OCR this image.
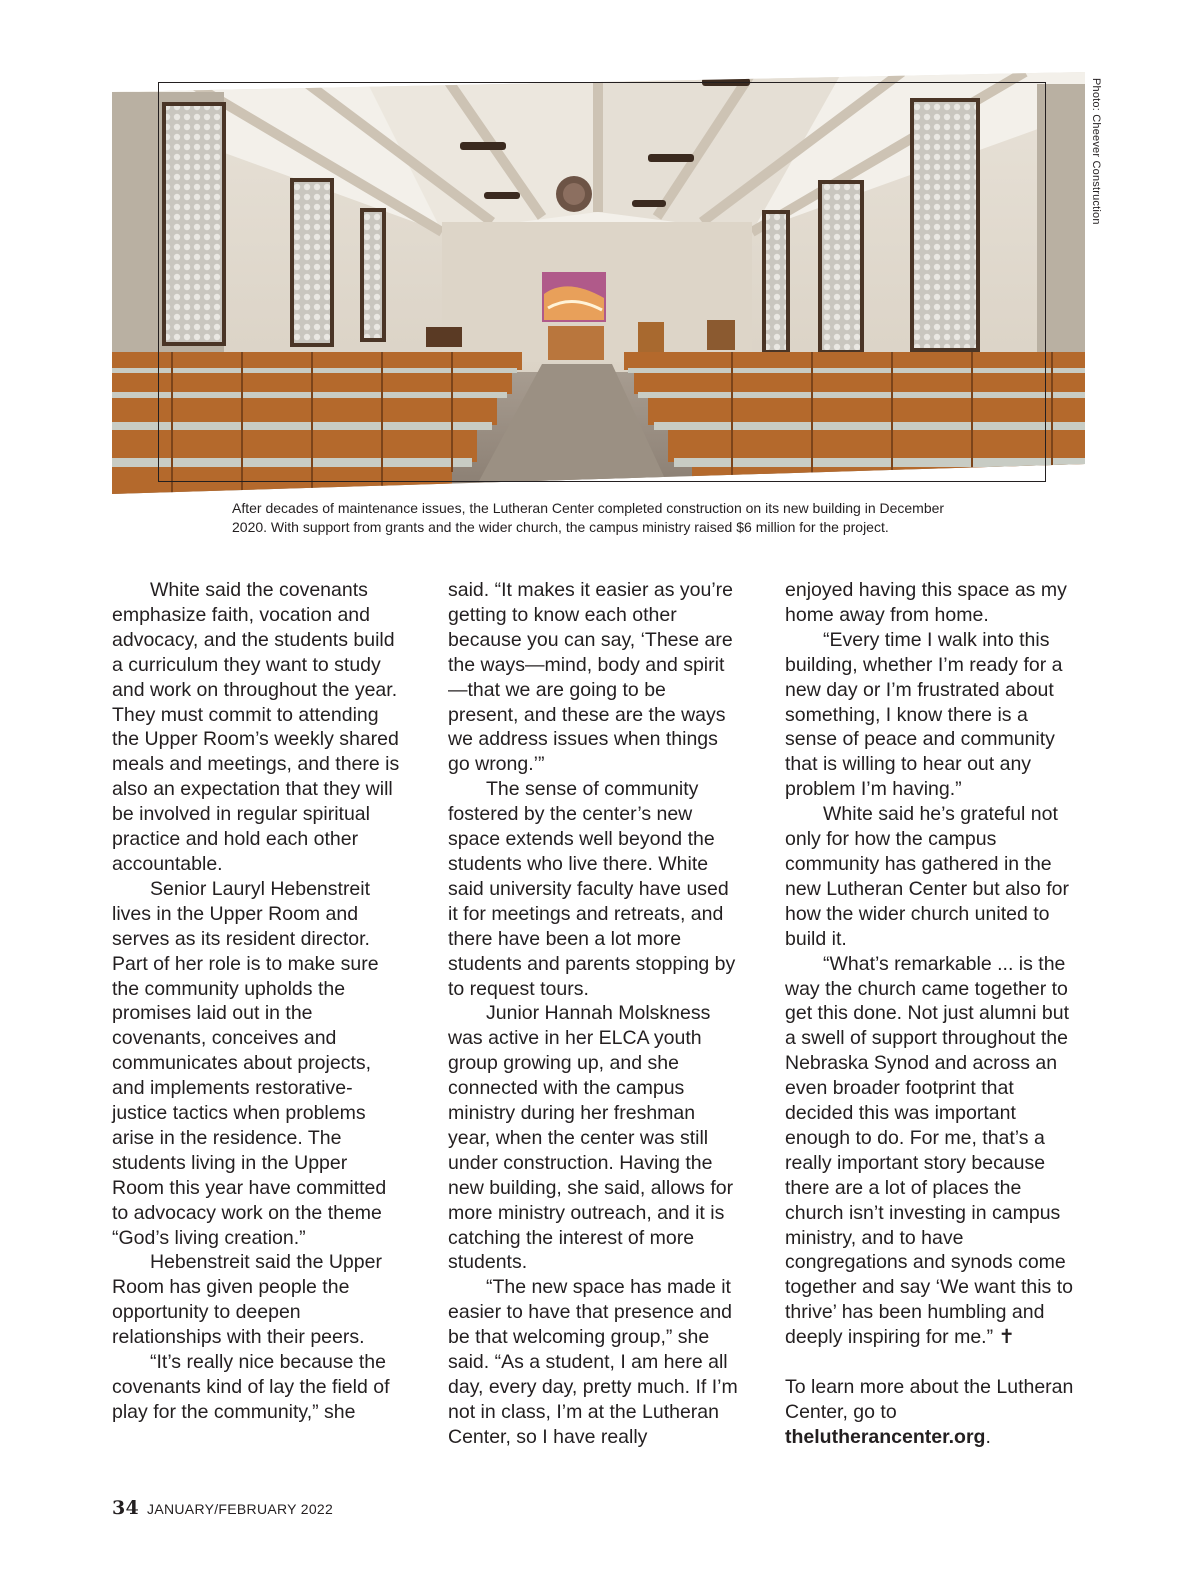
Photo: Cheever Construction
After decades of maintenance issues, the Lutheran Center completed construction on its new building in December 2020. With support from grants and the wider church, the campus ministry raised $6 million for the project.

White said the covenants emphasize faith, vocation and advocacy, and the students build a curriculum they want to study and work on throughout the year. They must commit to attending the Upper Room’s weekly shared meals and meetings, and there is also an expectation that they will be involved in regular spiritual practice and hold each other accountable.

Senior Lauryl Hebenstreit lives in the Upper Room and serves as its resident director. Part of her role is to make sure the community upholds the promises laid out in the covenants, conceives and communicates about projects, and implements restorative-justice tactics when problems arise in the residence. The students living in the Upper Room this year have committed to advocacy work on the theme “God’s living creation.”

Hebenstreit said the Upper Room has given people the opportunity to deepen relationships with their peers.

“It’s really nice because the covenants kind of lay the field of play for the community,” she

said. “It makes it easier as you’re getting to know each other because you can say, ‘These are the ways—mind, body and spirit—that we are going to be present, and these are the ways we address issues when things go wrong.’”

The sense of community fostered by the center’s new space extends well beyond the students who live there. White said university faculty have used it for meetings and retreats, and there have been a lot more students and parents stopping by to request tours.

Junior Hannah Molskness was active in her ELCA youth group growing up, and she connected with the campus ministry during her freshman year, when the center was still under construction. Having the new building, she said, allows for more ministry outreach, and it is catching the interest of more students.

“The new space has made it easier to have that presence and be that welcoming group,” she said. “As a student, I am here all day, every day, pretty much. If I’m not in class, I’m at the Lutheran Center, so I have really

enjoyed having this space as my home away from home.

“Every time I walk into this building, whether I’m ready for a new day or I’m frustrated about something, I know there is a sense of peace and community that is willing to hear out any problem I’m having.”

White said he’s grateful not only for how the campus community has gathered in the new Lutheran Center but also for how the wider church united to build it.

“What’s remarkable ... is the way the church came together to get this done. Not just alumni but a swell of support throughout the Nebraska Synod and across an even broader footprint that decided this was important enough to do. For me, that’s a really important story because there are a lot of places the church isn’t investing in campus ministry, and to have congregations and synods come together and say ‘We want this to thrive’ has been humbling and deeply inspiring for me.” ✝

To learn more about the Lutheran Center, go to thelutherancenter.org.

34 JANUARY/FEBRUARY 2022
